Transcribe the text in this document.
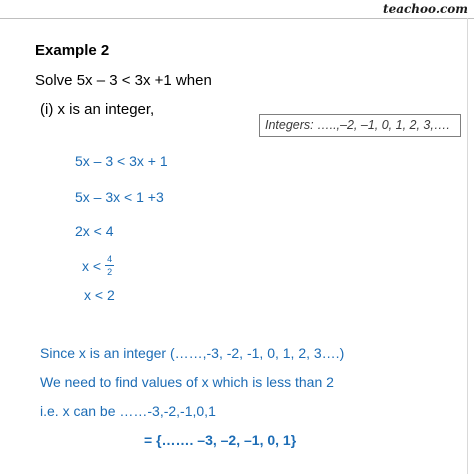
teachoo.com
Example 2
Solve 5x – 3 < 3x +1 when
(i) x is an integer,
Integers: …..,–2, –1, 0, 1, 2, 3,….
5x – 3 < 3x + 1
5x – 3x < 1 +3
2x < 4
$x < \frac{4}{2}$
x < 2
Since x is an integer (……,-3, -2, -1, 0, 1, 2, 3….)
We need to find values of x which is less than 2
i.e. x can be ……-3,-2,-1,0,1
= {……. –3, –2, –1, 0, 1}
